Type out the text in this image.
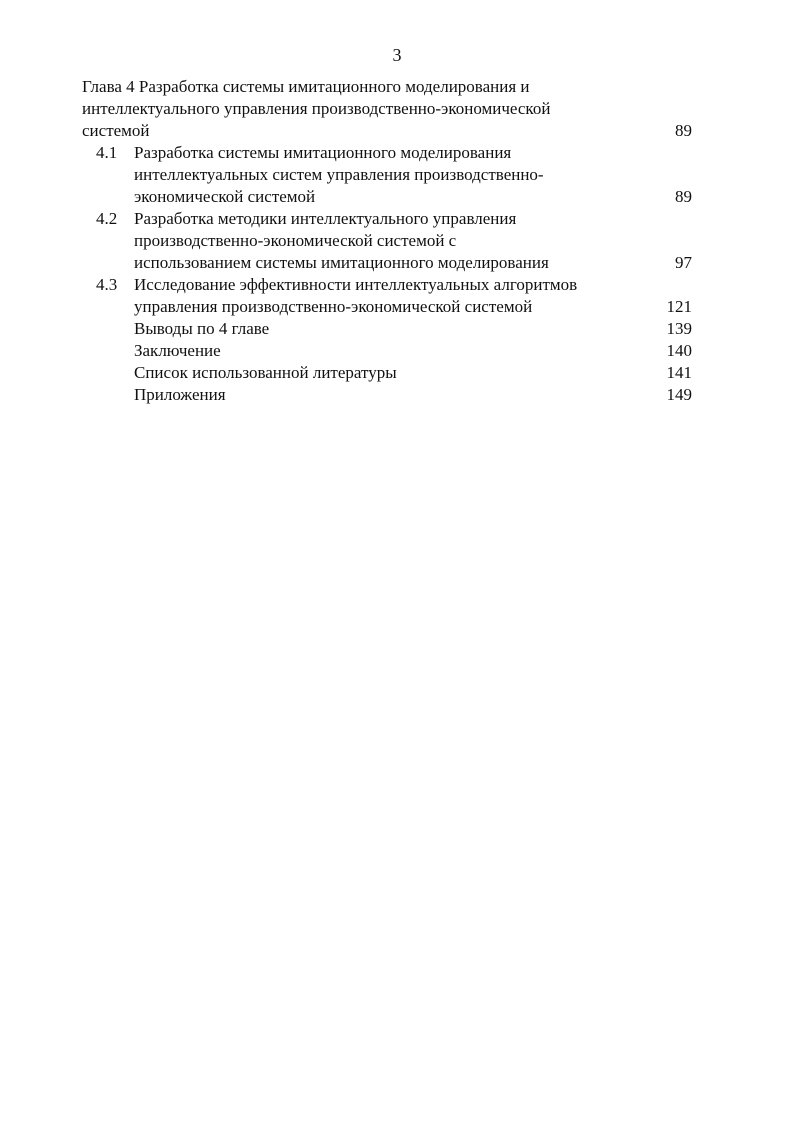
3
Глава 4 Разработка системы имитационного моделирования и
интеллектуального управления производственно-экономической
системой	89
4.1 Разработка системы имитационного моделирования
интеллектуальных систем управления производственно-
экономической системой	89
4.2 Разработка методики интеллектуального управления
производственно-экономической системой с
использованием системы имитационного моделирования	97
4.3 Исследование эффективности интеллектуальных алгоритмов
управления производственно-экономической системой	121
Выводы по 4 главе	139
Заключение	140
Список использованной литературы	141
Приложения	149
